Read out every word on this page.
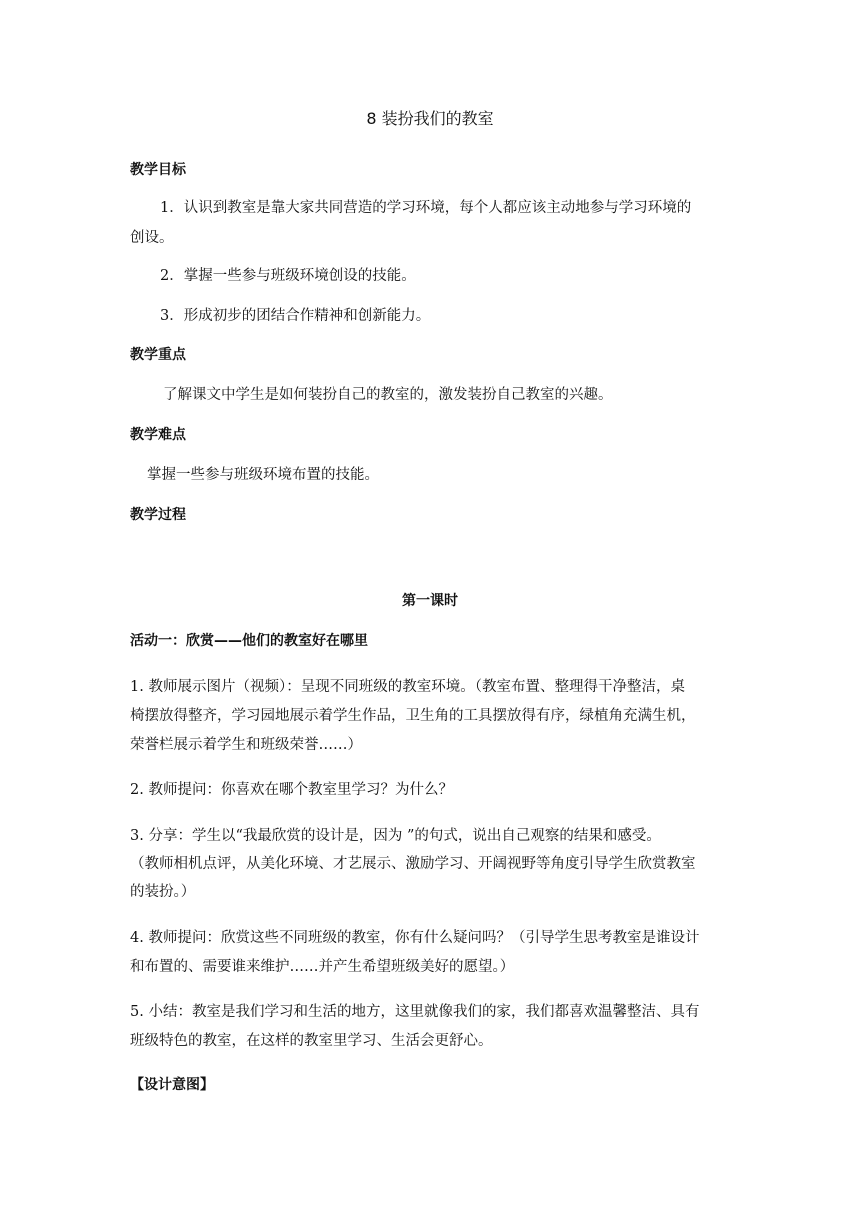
8 装扮我们的教室
教学目标
1．认识到教室是靠大家共同营造的学习环境，每个人都应该主动地参与学习环境的
创设。
2．掌握一些参与班级环境创设的技能。
3．形成初步的团结合作精神和创新能力。
教学重点
了解课文中学生是如何装扮自己的教室的，激发装扮自己教室的兴趣。
教学难点
掌握一些参与班级环境布置的技能。
教学过程
第一课时
活动一：欣赏——他们的教室好在哪里
1. 教师展示图片（视频）：呈现不同班级的教室环境。（教室布置、整理得干净整洁，桌
椅摆放得整齐，学习园地展示着学生作品，卫生角的工具摆放得有序，绿植角充满生机，
荣誉栏展示着学生和班级荣誉……）
2. 教师提问：你喜欢在哪个教室里学习？为什么？
3. 分享：学生以“我最欣赏的设计是，因为 ”的句式，说出自己观察的结果和感受。
（教师相机点评，从美化环境、才艺展示、激励学习、开阔视野等角度引导学生欣赏教室
的装扮。）
4. 教师提问：欣赏这些不同班级的教室，你有什么疑问吗？（引导学生思考教室是谁设计
和布置的、需要谁来维护……并产生希望班级美好的愿望。）
5. 小结：教室是我们学习和生活的地方，这里就像我们的家，我们都喜欢温馨整洁、具有
班级特色的教室，在这样的教室里学习、生活会更舒心。
【设计意图】
